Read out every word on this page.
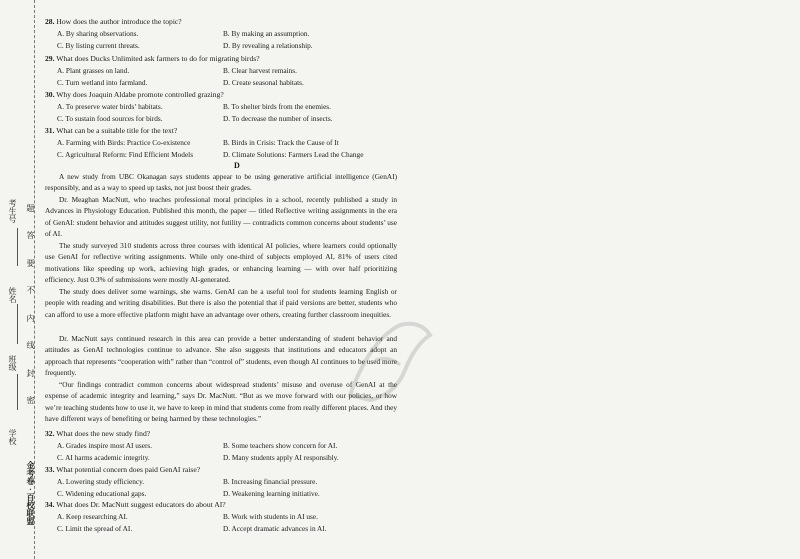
考生号
姓名
班级
学校
题
答
要
不
内
线
封
密
金考卷·百校联盟
28. How does the author introduce the topic?
A. By sharing observations.	B. By making an assumption.
C. By listing current threats.	D. By revealing a relationship.
29. What does Ducks Unlimited ask farmers to do for migrating birds?
A. Plant grasses on land.	B. Clear harvest remains.
C. Turn wetland into farmland.	D. Create seasonal habitats.
30. Why does Joaquin Aldabe promote controlled grazing?
A. To preserve water birds’ habitats.	B. To shelter birds from the enemies.
C. To sustain food sources for birds.	D. To decrease the number of insects.
31. What can be a suitable title for the text?
A. Farming with Birds: Practice Co-existence	B. Birds in Crisis: Track the Cause of It
C. Agricultural Reform: Find Efficient Models	D. Climate Solutions: Farmers Lead the Change
D
A new study from UBC Okanagan says students appear to be using generative artificial intelligence (GenAI) responsibly, and as a way to speed up tasks, not just boost their grades.
Dr. Meaghan MacNutt, who teaches professional moral principles in a school, recently published a study in Advances in Physiology Education. Published this month, the paper — titled Reflective writing assignments in the era of GenAI: student behavior and attitudes suggest utility, not futility — contradicts common concerns about students’ use of AI.
The study surveyed 310 students across three courses with identical AI policies, where learners could optionally use GenAI for reflective writing assignments. While only one-third of subjects employed AI, 81% of users cited motivations like speeding up work, achieving high grades, or enhancing learning — with over half prioritizing efficiency. Just 0.3% of submissions were mostly AI-generated.
The study does deliver some warnings, she warns. GenAI can be a useful tool for students learning English or people with reading and writing disabilities. But there is also the potential that if paid versions are better, students who can afford to use a more effective platform might have an advantage over others, creating further classroom inequities.
Dr. MacNutt says continued research in this area can provide a better understanding of student behavior and attitudes as GenAI technologies continue to advance. She also suggests that institutions and educators adopt an approach that represents “cooperation with” rather than “control of” students, even though AI continues to be used more frequently.
“Our findings contradict common concerns about widespread students’ misuse and overuse of GenAI at the expense of academic integrity and learning,” says Dr. MacNutt. “But as we move forward with our policies, or how we’re teaching students how to use it, we have to keep in mind that students come from really different places. And they have different ways of benefiting or being harmed by these technologies.”
32. What does the new study find?
A. Grades inspire most AI users.	B. Some teachers show concern for AI.
C. AI harms academic integrity.	D. Many students apply AI responsibly.
33. What potential concern does paid GenAI raise?
A. Lowering study efficiency.	B. Increasing financial pressure.
C. Widening educational gaps.	D. Weakening learning initiative.
34. What does Dr. MacNutt suggest educators do about AI?
A. Keep researching AI.	B. Work with students in AI use.
C. Limit the spread of AI.	D. Accept dramatic advances in AI.
